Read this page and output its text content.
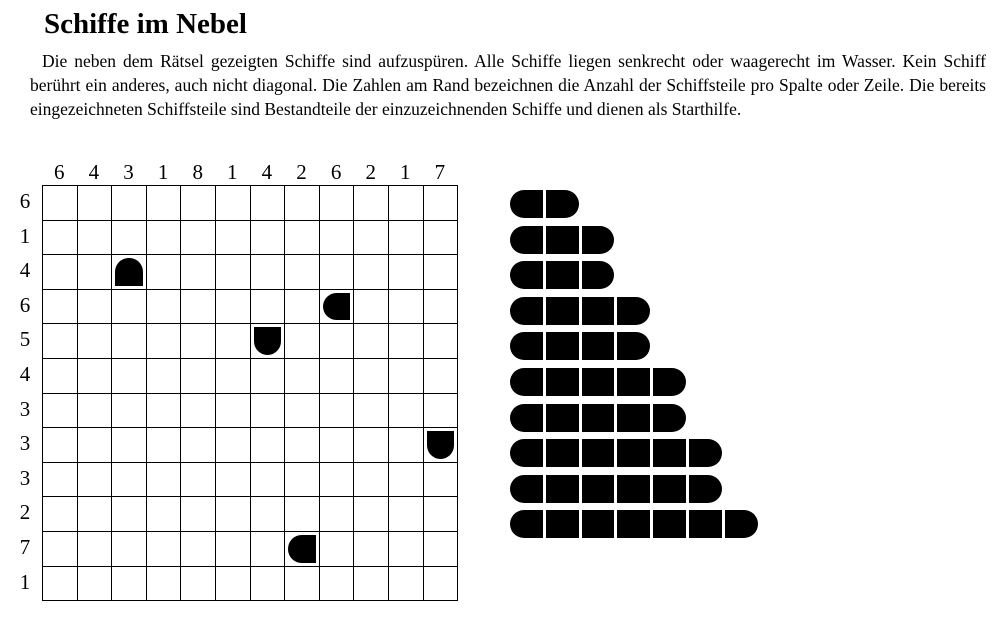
Schiffe im Nebel

Die neben dem Rätsel gezeigten Schiffe sind aufzuspüren. Alle Schiffe liegen senkrecht oder waagerecht im Wasser. Kein Schiff berührt ein anderes, auch nicht diagonal. Die Zahlen am Rand bezeichnen die Anzahl der Schiffsteile pro Spalte oder Zeile. Die bereits eingezeichneten Schiffsteile sind Bestandteile der einzuzeichnenden Schiffe und dienen als Starthilfe.

6	4	3	1	8	1	4	2	6	2	1	7
6
1
4
6
5
4
3
3
3
2
7
1
